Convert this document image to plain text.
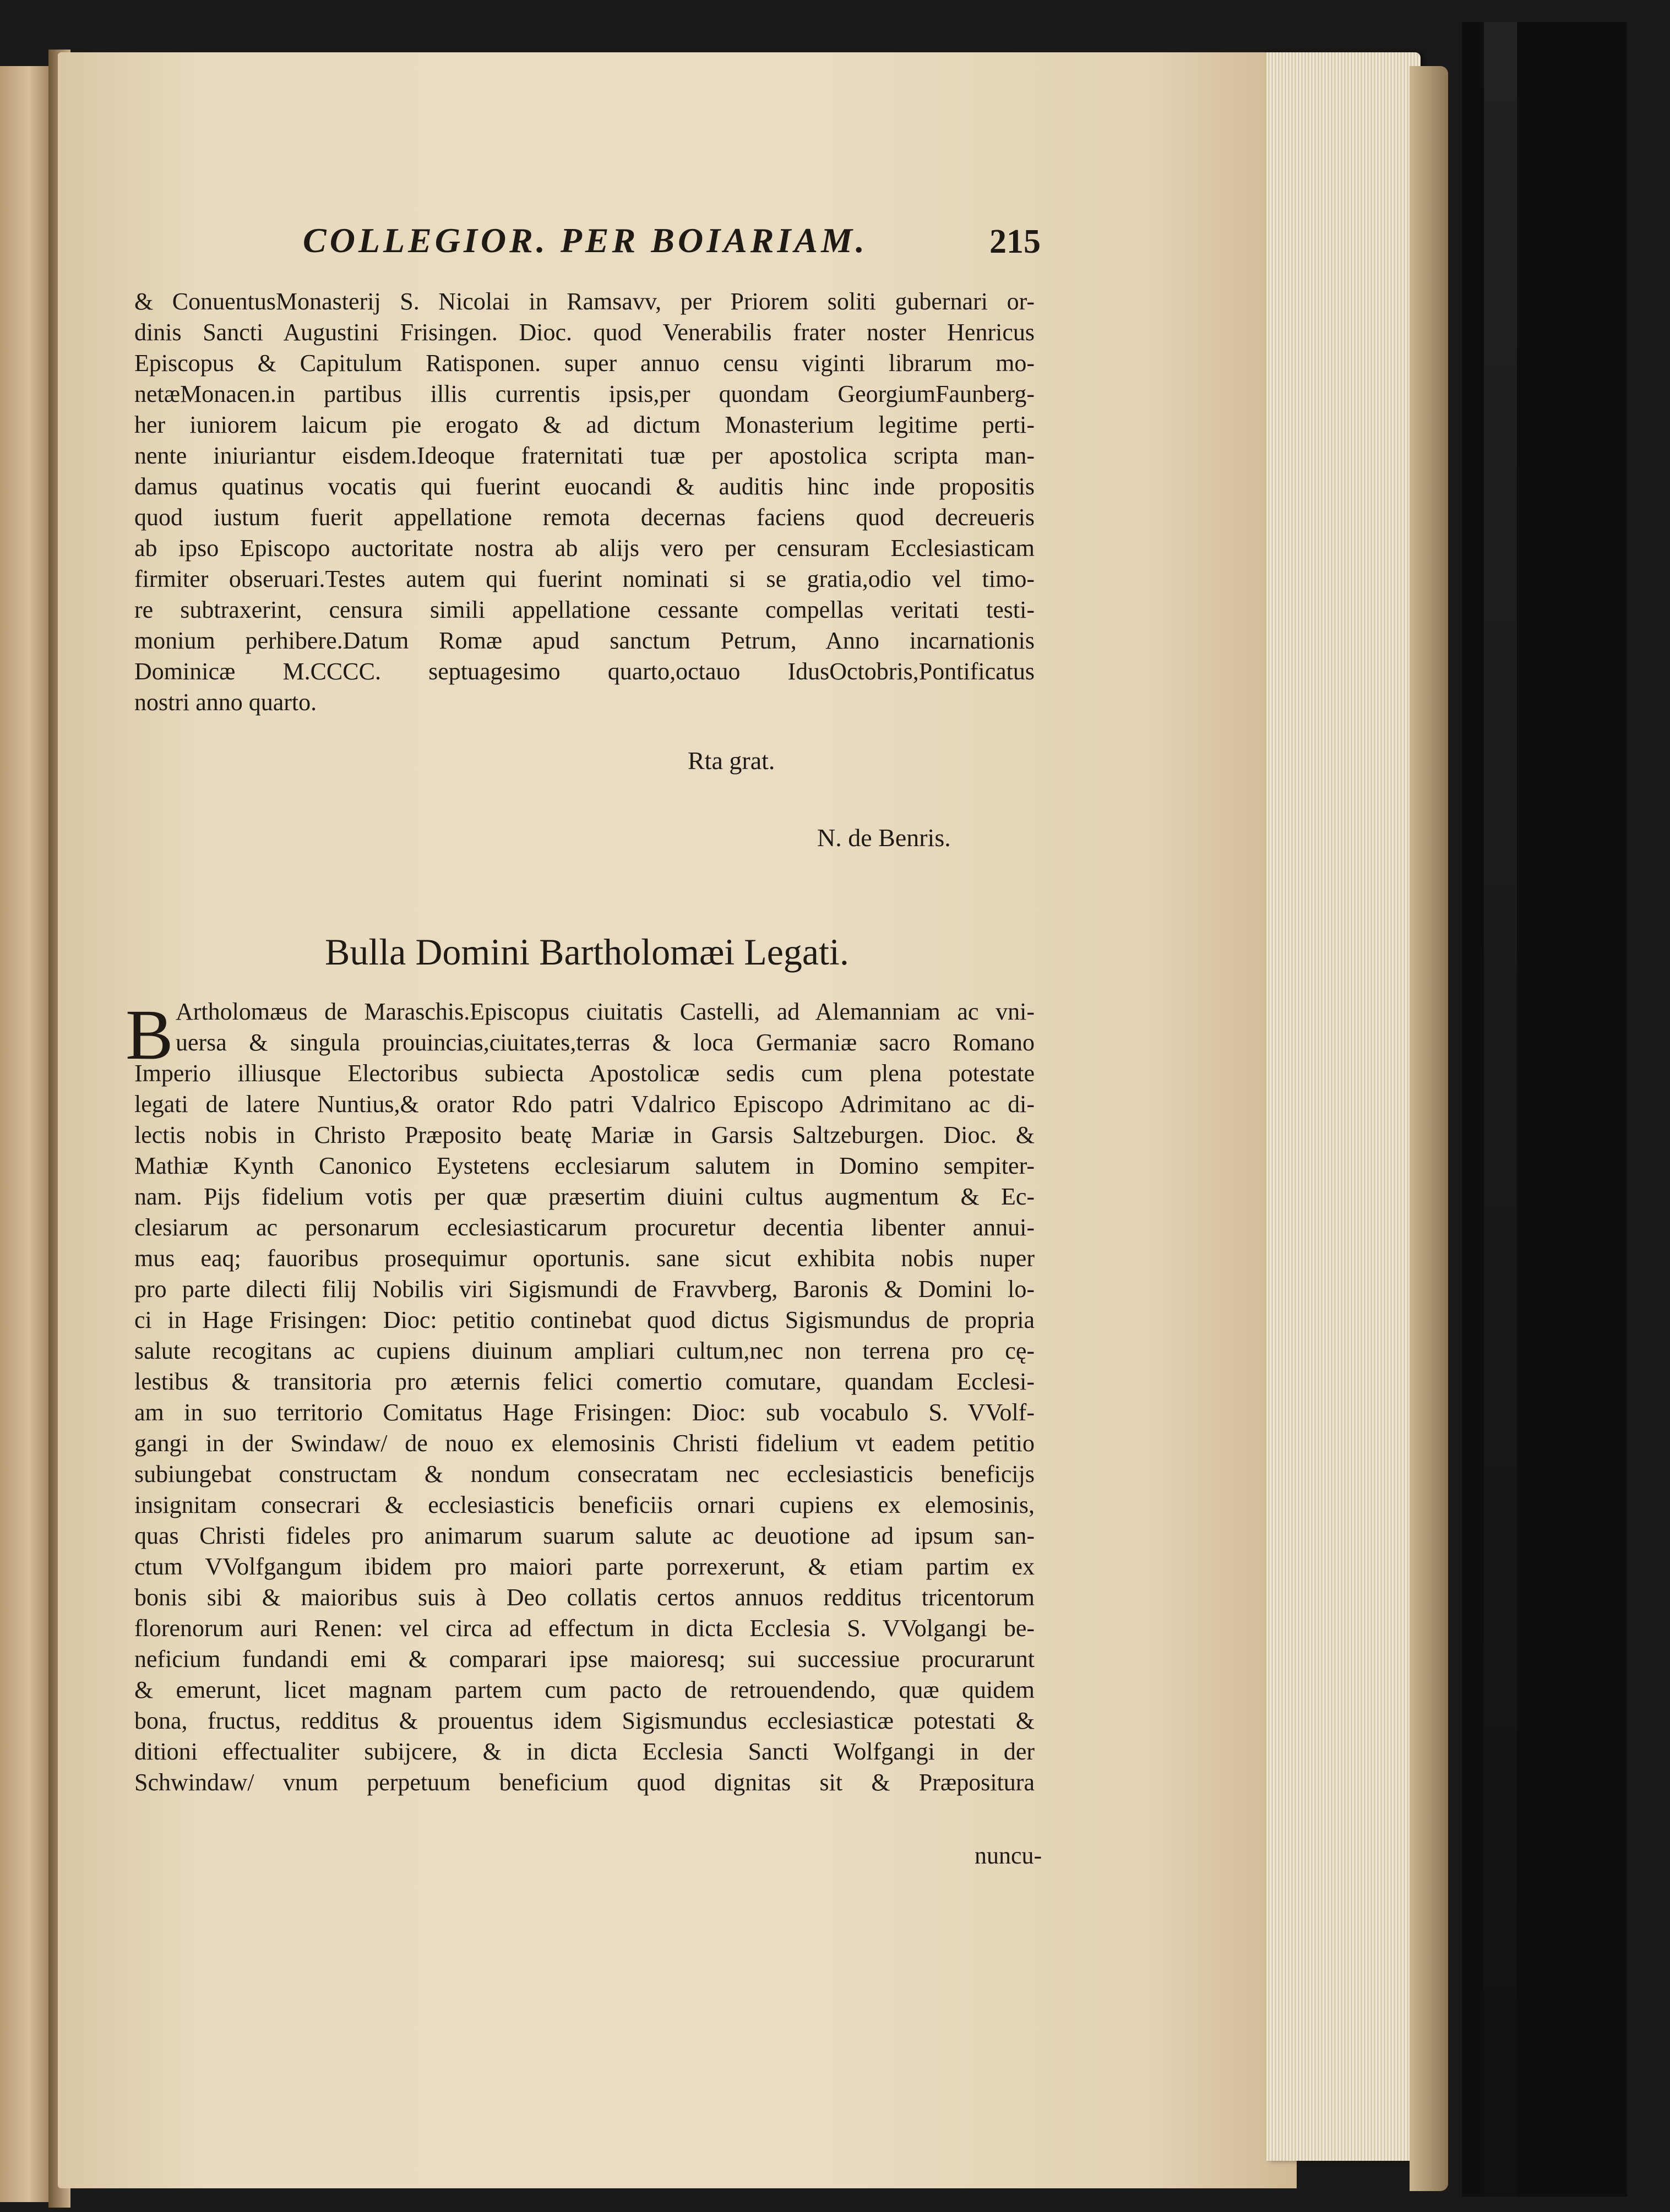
COLLEGIOR. PER BOIARIAM.	215
& ConuentusMonasterij S. Nicolai in Ramsavv, per Priorem soliti gubernari or-
dinis Sancti Augustini Frisingen. Dioc. quod Venerabilis frater noster Henricus
Episcopus & Capitulum Ratisponen. super annuo censu viginti librarum mo-
netæMonacen.in partibus illis currentis ipsis,per quondam GeorgiumFaunberg-
her iuniorem laicum pie erogato & ad dictum Monasterium legitime perti-
nente iniuriantur eisdem.Ideoque fraternitati tuæ per apostolica scripta man-
damus quatinus vocatis qui fuerint euocandi & auditis hinc inde propositis
quod iustum fuerit appellatione remota decernas faciens quod decreueris
ab ipso Episcopo auctoritate nostra ab alijs vero per censuram Ecclesiasticam
firmiter obseruari.Testes autem qui fuerint nominati si se gratia,odio vel timo-
re subtraxerint, censura simili appellatione cessante compellas veritati testi-
monium perhibere.Datum Romæ apud sanctum Petrum, Anno incarnationis
Dominicæ M.CCCC. septuagesimo quarto,octauo IdusOctobris,Pontificatus
nostri anno quarto.
Rta grat.
N. de Benris.
Bulla Domini Bartholomæi Legati.
B Artholomæus de Maraschis.Episcopus ciuitatis Castelli, ad Alemanniam ac vni-
uersa & singula prouincias,ciuitates,terras & loca Germaniæ sacro Romano
Imperio illiusque Electoribus subiecta Apostolicæ sedis cum plena potestate
legati de latere Nuntius,& orator Rdo patri Vdalrico Episcopo Adrimitano ac di-
lectis nobis in Christo Præposito beatę Mariæ in Garsis Saltzeburgen. Dioc. &
Mathiæ Kynth Canonico Eystetens ecclesiarum salutem in Domino sempiter-
nam. Pijs fidelium votis per quæ præsertim diuini cultus augmentum & Ec-
clesiarum ac personarum ecclesiasticarum procuretur decentia libenter annui-
mus eaq; fauoribus prosequimur oportunis. sane sicut exhibita nobis nuper
pro parte dilecti filij Nobilis viri Sigismundi de Fravvberg, Baronis & Domini lo-
ci in Hage Frisingen: Dioc: petitio continebat quod dictus Sigismundus de propria
salute recogitans ac cupiens diuinum ampliari cultum,nec non terrena pro cę-
lestibus & transitoria pro æternis felici comertio comutare, quandam Ecclesi-
am in suo territorio Comitatus Hage Frisingen: Dioc: sub vocabulo S. VVolf-
gangi in der Swindaw/ de nouo ex elemosinis Christi fidelium vt eadem petitio
subiungebat constructam & nondum consecratam nec ecclesiasticis beneficijs
insignitam consecrari & ecclesiasticis beneficiis ornari cupiens ex elemosinis,
quas Christi fideles pro animarum suarum salute ac deuotione ad ipsum san-
ctum VVolfgangum ibidem pro maiori parte porrexerunt, & etiam partim ex
bonis sibi & maioribus suis à Deo collatis certos annuos redditus tricentorum
florenorum auri Renen: vel circa ad effectum in dicta Ecclesia S. VVolgangi be-
neficium fundandi emi & comparari ipse maioresq; sui successiue procurarunt
& emerunt, licet magnam partem cum pacto de retrouendendo, quæ quidem
bona, fructus, redditus & prouentus idem Sigismundus ecclesiasticæ potestati &
ditioni effectualiter subijcere, & in dicta Ecclesia Sancti Wolfgangi in der
Schwindaw/ vnum perpetuum beneficium quod dignitas sit & Præpositura
nuncu-
